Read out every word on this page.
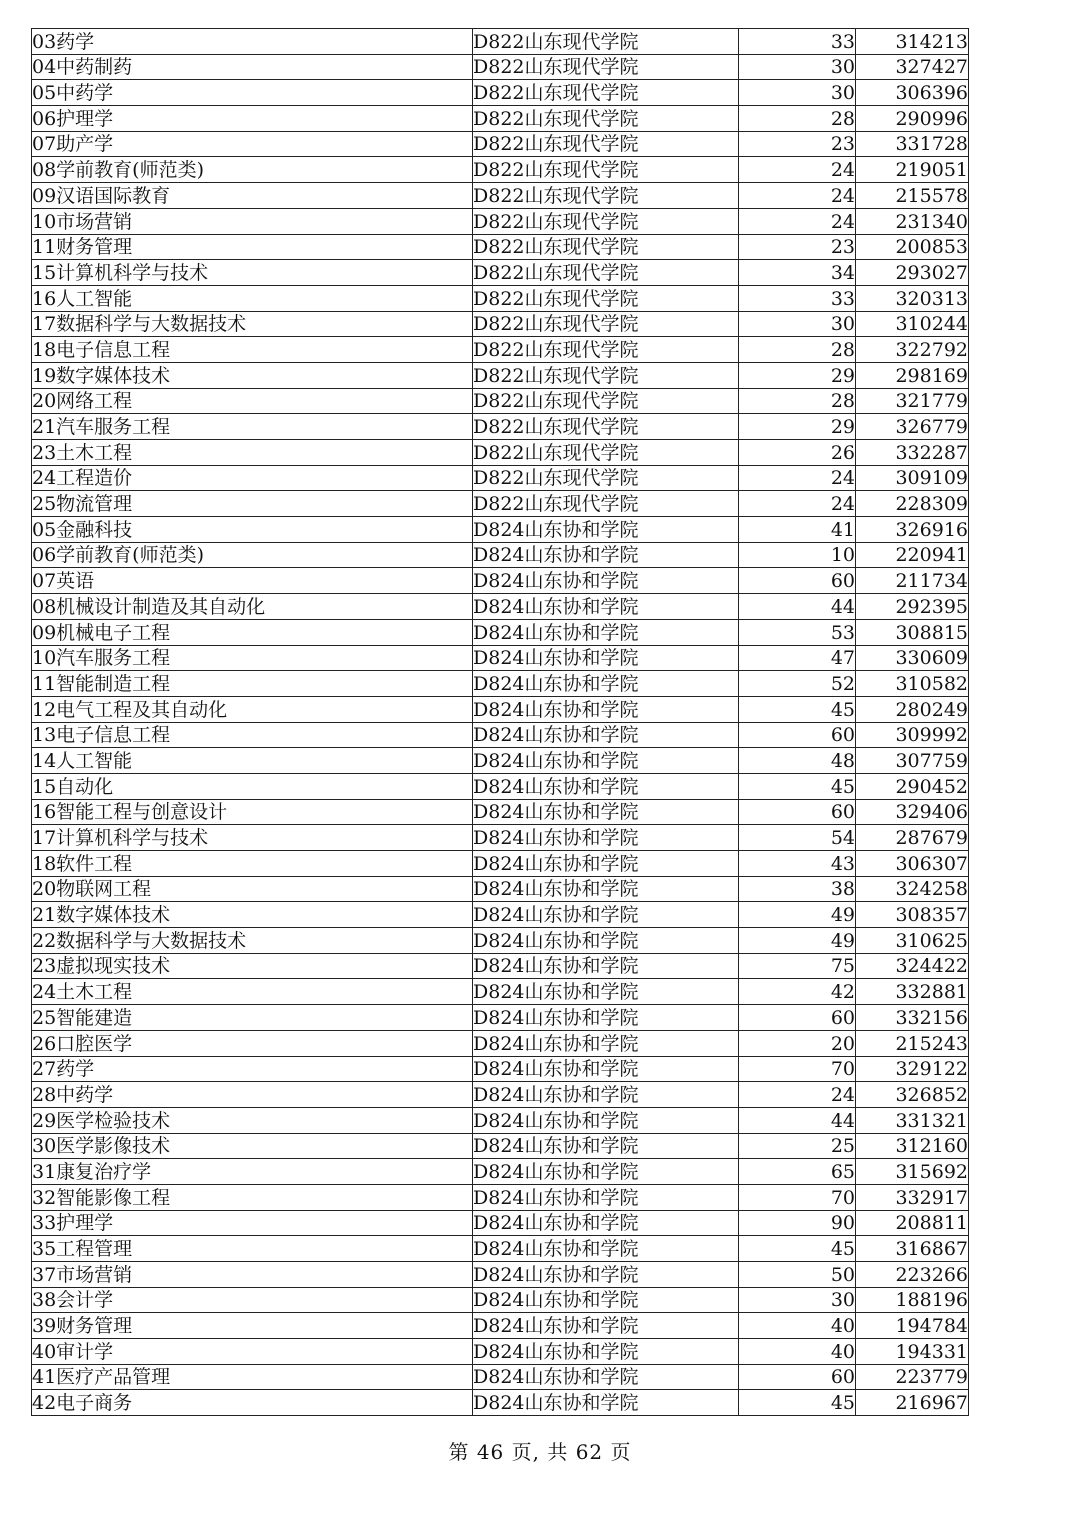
03药学	D822山东现代学院	33	314213
04中药制药	D822山东现代学院	30	327427
05中药学	D822山东现代学院	30	306396
06护理学	D822山东现代学院	28	290996
07助产学	D822山东现代学院	23	331728
08学前教育(师范类)	D822山东现代学院	24	219051
09汉语国际教育	D822山东现代学院	24	215578
10市场营销	D822山东现代学院	24	231340
11财务管理	D822山东现代学院	23	200853
15计算机科学与技术	D822山东现代学院	34	293027
16人工智能	D822山东现代学院	33	320313
17数据科学与大数据技术	D822山东现代学院	30	310244
18电子信息工程	D822山东现代学院	28	322792
19数字媒体技术	D822山东现代学院	29	298169
20网络工程	D822山东现代学院	28	321779
21汽车服务工程	D822山东现代学院	29	326779
23土木工程	D822山东现代学院	26	332287
24工程造价	D822山东现代学院	24	309109
25物流管理	D822山东现代学院	24	228309
05金融科技	D824山东协和学院	41	326916
06学前教育(师范类)	D824山东协和学院	10	220941
07英语	D824山东协和学院	60	211734
08机械设计制造及其自动化	D824山东协和学院	44	292395
09机械电子工程	D824山东协和学院	53	308815
10汽车服务工程	D824山东协和学院	47	330609
11智能制造工程	D824山东协和学院	52	310582
12电气工程及其自动化	D824山东协和学院	45	280249
13电子信息工程	D824山东协和学院	60	309992
14人工智能	D824山东协和学院	48	307759
15自动化	D824山东协和学院	45	290452
16智能工程与创意设计	D824山东协和学院	60	329406
17计算机科学与技术	D824山东协和学院	54	287679
18软件工程	D824山东协和学院	43	306307
20物联网工程	D824山东协和学院	38	324258
21数字媒体技术	D824山东协和学院	49	308357
22数据科学与大数据技术	D824山东协和学院	49	310625
23虚拟现实技术	D824山东协和学院	75	324422
24土木工程	D824山东协和学院	42	332881
25智能建造	D824山东协和学院	60	332156
26口腔医学	D824山东协和学院	20	215243
27药学	D824山东协和学院	70	329122
28中药学	D824山东协和学院	24	326852
29医学检验技术	D824山东协和学院	44	331321
30医学影像技术	D824山东协和学院	25	312160
31康复治疗学	D824山东协和学院	65	315692
32智能影像工程	D824山东协和学院	70	332917
33护理学	D824山东协和学院	90	208811
35工程管理	D824山东协和学院	45	316867
37市场营销	D824山东协和学院	50	223266
38会计学	D824山东协和学院	30	188196
39财务管理	D824山东协和学院	40	194784
40审计学	D824山东协和学院	40	194331
41医疗产品管理	D824山东协和学院	60	223779
42电子商务	D824山东协和学院	45	216967
第 46 页, 共 62 页
